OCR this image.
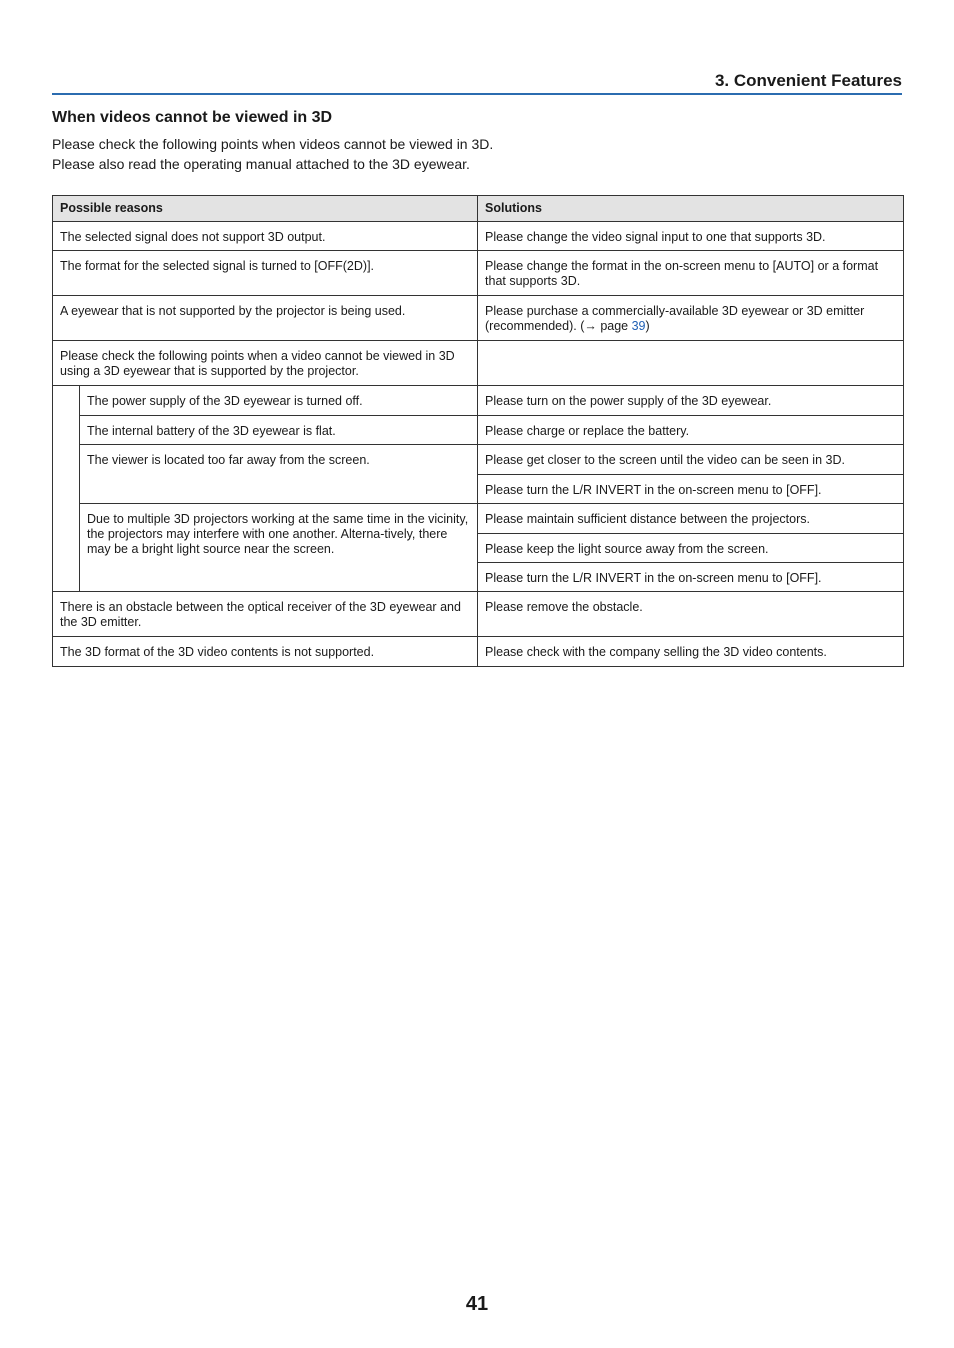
3. Convenient Features
When videos cannot be viewed in 3D
Please check the following points when videos cannot be viewed in 3D.
Please also read the operating manual attached to the 3D eyewear.
Possible reasons		Solutions
The selected signal does not support 3D output.		Please change the video signal input to one that supports 3D.
The format for the selected signal is turned to [OFF(2D)].		Please change the format in the on-screen menu to [AUTO] or a format that supports 3D.
A eyewear that is not supported by the projector is being used.		Please purchase a commercially-available 3D eyewear or 3D emitter (recommended). (→ page 39)
Please check the following points when a video cannot be viewed in 3D using a 3D eyewear that is supported by the projector.		
	The power supply of the 3D eyewear is turned off.	Please turn on the power supply of the 3D eyewear.
	The internal battery of the 3D eyewear is flat.	Please charge or replace the battery.
	The viewer is located too far away from the screen.	Please get closer to the screen until the video can be seen in 3D.
		Please turn the L/R INVERT in the on-screen menu to [OFF].
	Due to multiple 3D projectors working at the same time in the vicinity, the projectors may interfere with one another. Alterna-tively, there may be a bright light source near the screen.	Please maintain sufficient distance between the projectors.
		Please keep the light source away from the screen.
		Please turn the L/R INVERT in the on-screen menu to [OFF].
There is an obstacle between the optical receiver of the 3D eyewear and the 3D emitter.		Please remove the obstacle.
The 3D format of the 3D video contents is not supported.		Please check with the company selling the 3D video contents.
41
